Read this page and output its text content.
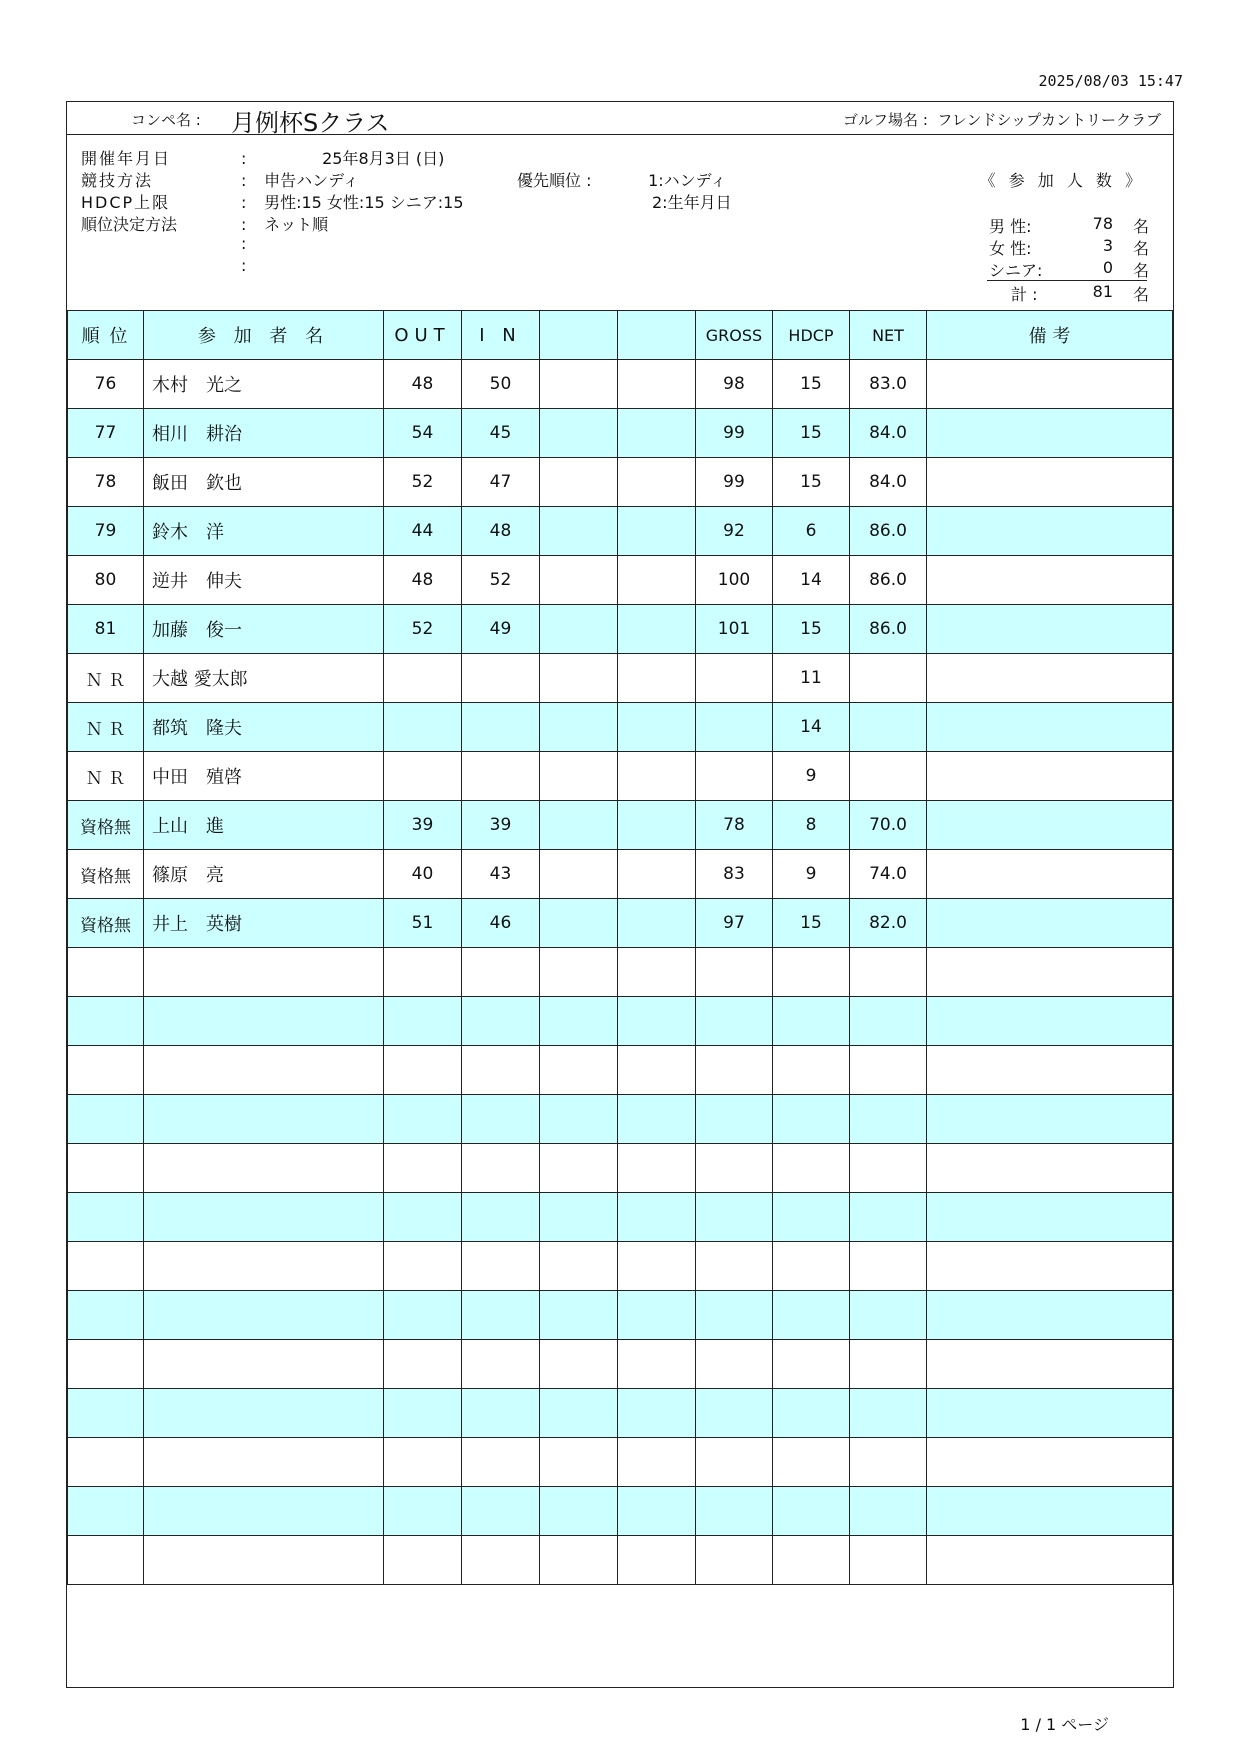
2025/08/03 15:47
コンペ名 : 月例杯Sクラス	ゴルフ場名 : フレンドシップカントリークラブ
開催年月日	:	25年8月3日 (日)
競技方法	: 申告ハンディ
HDCP上限	: 男性:15 女性:15 シニア:15
順位決定方法	: ネット順
:
:
優先順位 :	1:ハンディ
2:生年月日
《 参 加 人 数 》
男 性:	78 名
女 性:	3 名
シニア:	0 名
計 :	81 名
順 位	参 加 者 名	OUT	I N			GROSS	HDCP	NET	備 考
76	木村　光之	48	50			98	15	83.0	
77	相川　耕治	54	45			99	15	84.0	
78	飯田　欽也	52	47			99	15	84.0	
79	鈴木　洋	44	48			92	6	86.0	
80	逆井　伸夫	48	52			100	14	86.0	
81	加藤　俊一	52	49			101	15	86.0	
Ｎ Ｒ	大越 愛太郎						11		
Ｎ Ｒ	都筑　隆夫						14		
Ｎ Ｒ	中田　殖啓						9		
資格無	上山　進	39	39			78	8	70.0	
資格無	篠原　亮	40	43			83	9	74.0	
資格無	井上　英樹	51	46			97	15	82.0	

1 / 1 ページ
